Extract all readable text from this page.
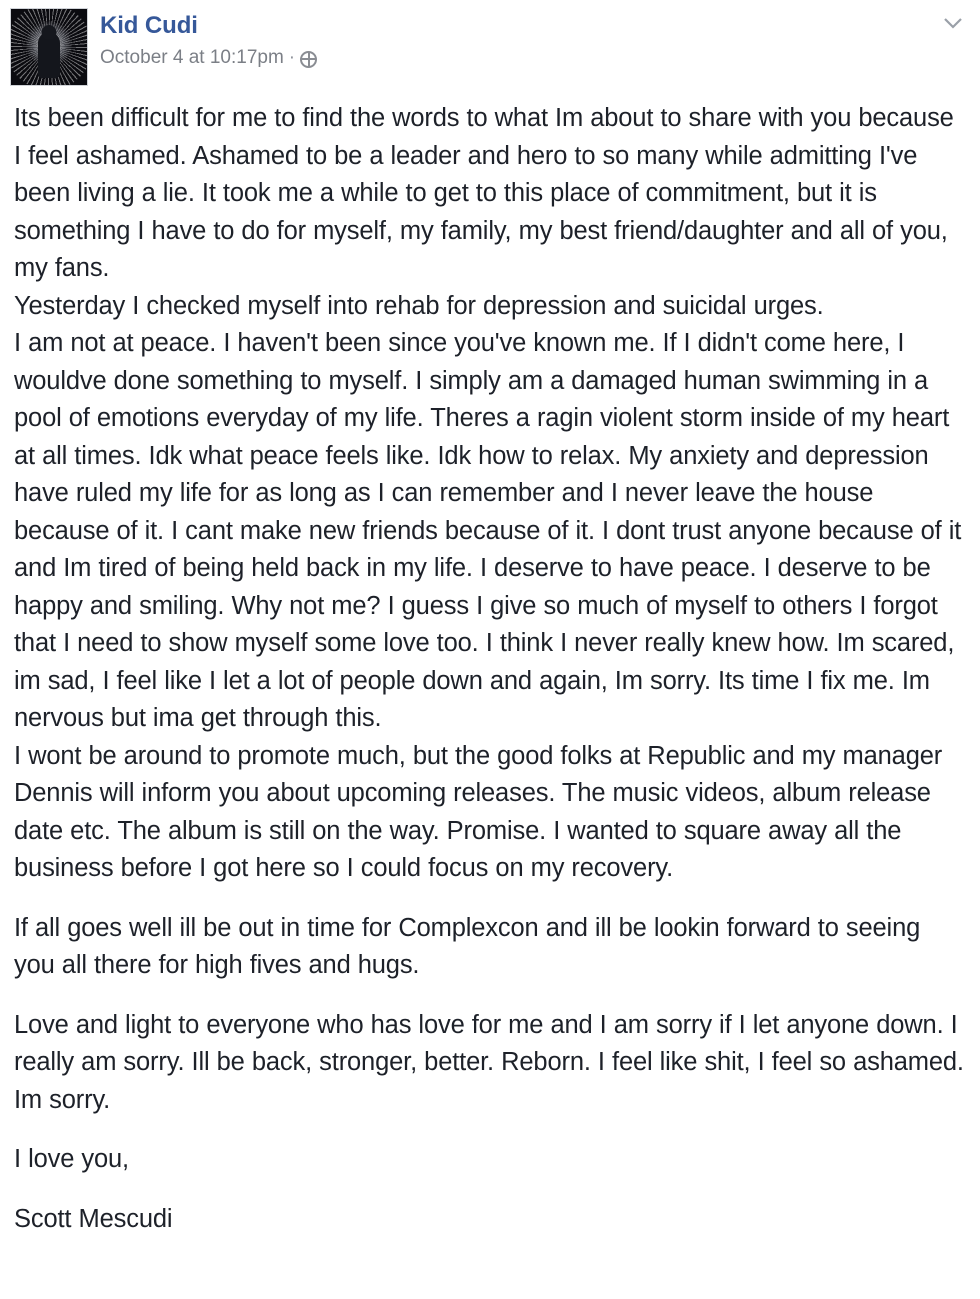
Kid Cudi
October 4 at 10:17pm ·

Its been difficult for me to find the words to what Im about to share with you because I feel ashamed. Ashamed to be a leader and hero to so many while admitting I've been living a lie. It took me a while to get to this place of commitment, but it is something I have to do for myself, my family, my best friend/daughter and all of you, my fans.

Yesterday I checked myself into rehab for depression and suicidal urges.

I am not at peace. I haven't been since you've known me. If I didn't come here, I wouldve done something to myself. I simply am a damaged human swimming in a pool of emotions everyday of my life. Theres a ragin violent storm inside of my heart at all times. Idk what peace feels like. Idk how to relax. My anxiety and depression have ruled my life for as long as I can remember and I never leave the house because of it. I cant make new friends because of it. I dont trust anyone because of it and Im tired of being held back in my life. I deserve to have peace. I deserve to be happy and smiling. Why not me? I guess I give so much of myself to others I forgot that I need to show myself some love too. I think I never really knew how. Im scared, im sad, I feel like I let a lot of people down and again, Im sorry. Its time I fix me. Im nervous but ima get through this.

I wont be around to promote much, but the good folks at Republic and my manager Dennis will inform you about upcoming releases. The music videos, album release date etc. The album is still on the way. Promise. I wanted to square away all the business before I got here so I could focus on my recovery.

If all goes well ill be out in time for Complexcon and ill be lookin forward to seeing you all there for high fives and hugs.

Love and light to everyone who has love for me and I am sorry if I let anyone down. I really am sorry. Ill be back, stronger, better. Reborn. I feel like shit, I feel so ashamed. Im sorry.

I love you,

Scott Mescudi
